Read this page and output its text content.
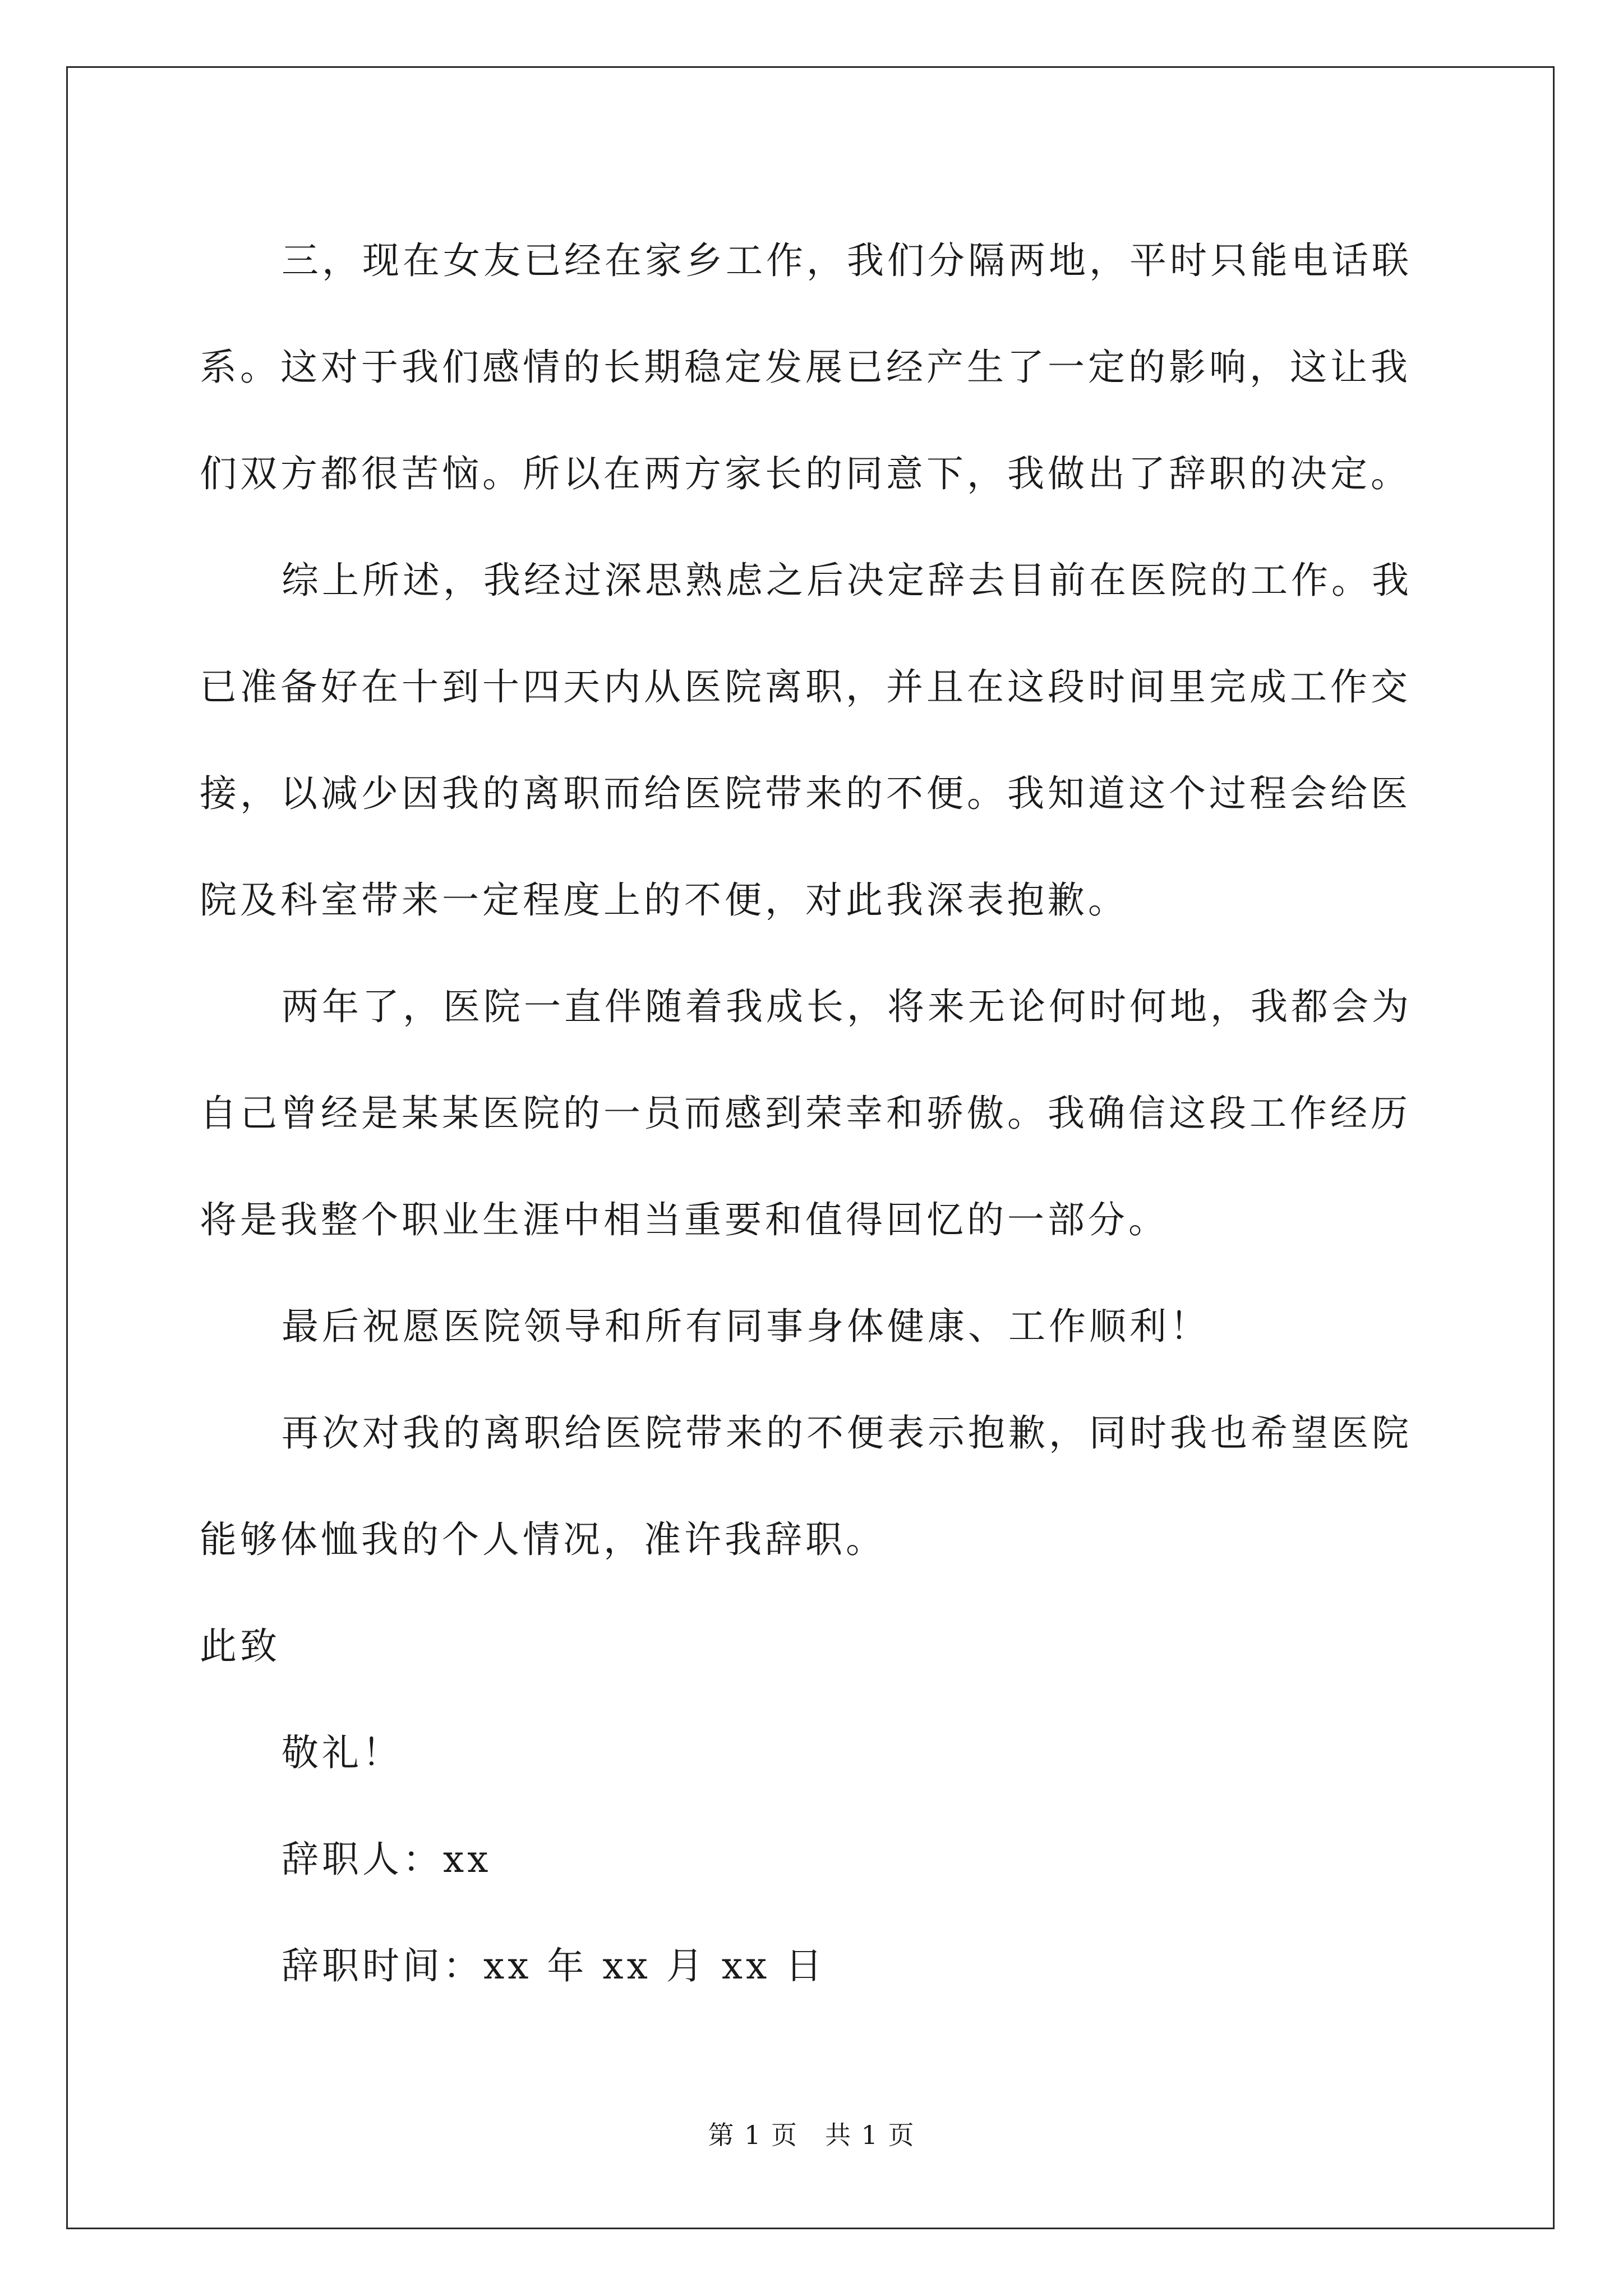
三，现在女友已经在家乡工作，我们分隔两地，平时只能电话联
系。这对于我们感情的长期稳定发展已经产生了一定的影响，这让我
们双方都很苦恼。所以在两方家长的同意下，我做出了辞职的决定。
综上所述，我经过深思熟虑之后决定辞去目前在医院的工作。我
已准备好在十到十四天内从医院离职，并且在这段时间里完成工作交
接，以减少因我的离职而给医院带来的不便。我知道这个过程会给医
院及科室带来一定程度上的不便，对此我深表抱歉。
两年了，医院一直伴随着我成长，将来无论何时何地，我都会为
自己曾经是某某医院的一员而感到荣幸和骄傲。我确信这段工作经历
将是我整个职业生涯中相当重要和值得回忆的一部分。
最后祝愿医院领导和所有同事身体健康、工作顺利！
再次对我的离职给医院带来的不便表示抱歉，同时我也希望医院
能够体恤我的个人情况，准许我辞职。
此致
敬礼！
辞职人：xx
辞职时间：xx 年 xx 月 xx 日
第 1 页　共 1 页
